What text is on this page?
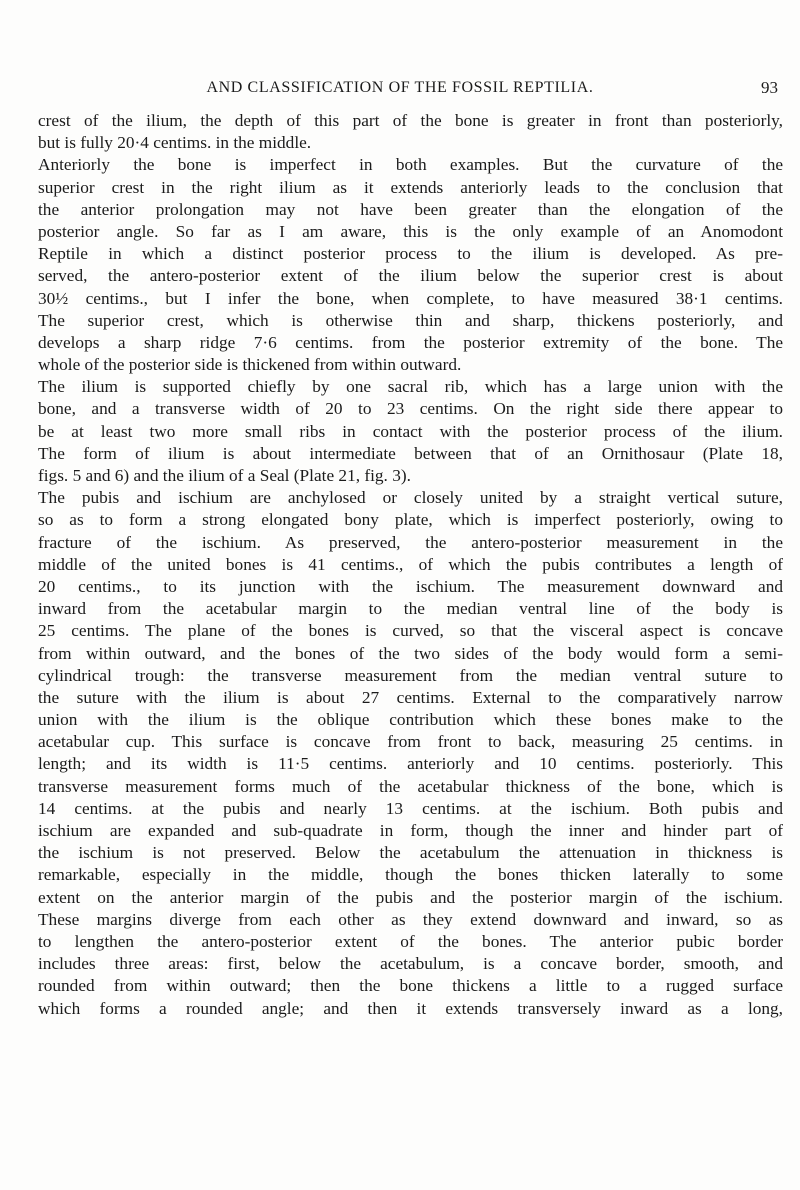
AND CLASSIFICATION OF THE FOSSIL REPTILIA.	93
crest of the ilium, the depth of this part of the bone is greater in front than posteriorly,
but is fully 20·4 centims. in the middle.
Anteriorly the bone is imperfect in both examples. But the curvature of the
superior crest in the right ilium as it extends anteriorly leads to the conclusion that
the anterior prolongation may not have been greater than the elongation of the
posterior angle. So far as I am aware, this is the only example of an Anomodont
Reptile in which a distinct posterior process to the ilium is developed. As pre-
served, the antero-posterior extent of the ilium below the superior crest is about
30½ centims., but I infer the bone, when complete, to have measured 38·1 centims.
The superior crest, which is otherwise thin and sharp, thickens posteriorly, and
develops a sharp ridge 7·6 centims. from the posterior extremity of the bone. The
whole of the posterior side is thickened from within outward.
The ilium is supported chiefly by one sacral rib, which has a large union with the
bone, and a transverse width of 20 to 23 centims. On the right side there appear to
be at least two more small ribs in contact with the posterior process of the ilium.
The form of ilium is about intermediate between that of an Ornithosaur (Plate 18,
figs. 5 and 6) and the ilium of a Seal (Plate 21, fig. 3).
The pubis and ischium are anchylosed or closely united by a straight vertical suture,
so as to form a strong elongated bony plate, which is imperfect posteriorly, owing to
fracture of the ischium. As preserved, the antero-posterior measurement in the
middle of the united bones is 41 centims., of which the pubis contributes a length of
20 centims., to its junction with the ischium. The measurement downward and
inward from the acetabular margin to the median ventral line of the body is
25 centims. The plane of the bones is curved, so that the visceral aspect is concave
from within outward, and the bones of the two sides of the body would form a semi-
cylindrical trough: the transverse measurement from the median ventral suture to
the suture with the ilium is about 27 centims. External to the comparatively narrow
union with the ilium is the oblique contribution which these bones make to the
acetabular cup. This surface is concave from front to back, measuring 25 centims. in
length; and its width is 11·5 centims. anteriorly and 10 centims. posteriorly. This
transverse measurement forms much of the acetabular thickness of the bone, which is
14 centims. at the pubis and nearly 13 centims. at the ischium. Both pubis and
ischium are expanded and sub-quadrate in form, though the inner and hinder part of
the ischium is not preserved. Below the acetabulum the attenuation in thickness is
remarkable, especially in the middle, though the bones thicken laterally to some
extent on the anterior margin of the pubis and the posterior margin of the ischium.
These margins diverge from each other as they extend downward and inward, so as
to lengthen the antero-posterior extent of the bones. The anterior pubic border
includes three areas: first, below the acetabulum, is a concave border, smooth, and
rounded from within outward; then the bone thickens a little to a rugged surface
which forms a rounded angle; and then it extends transversely inward as a long,
